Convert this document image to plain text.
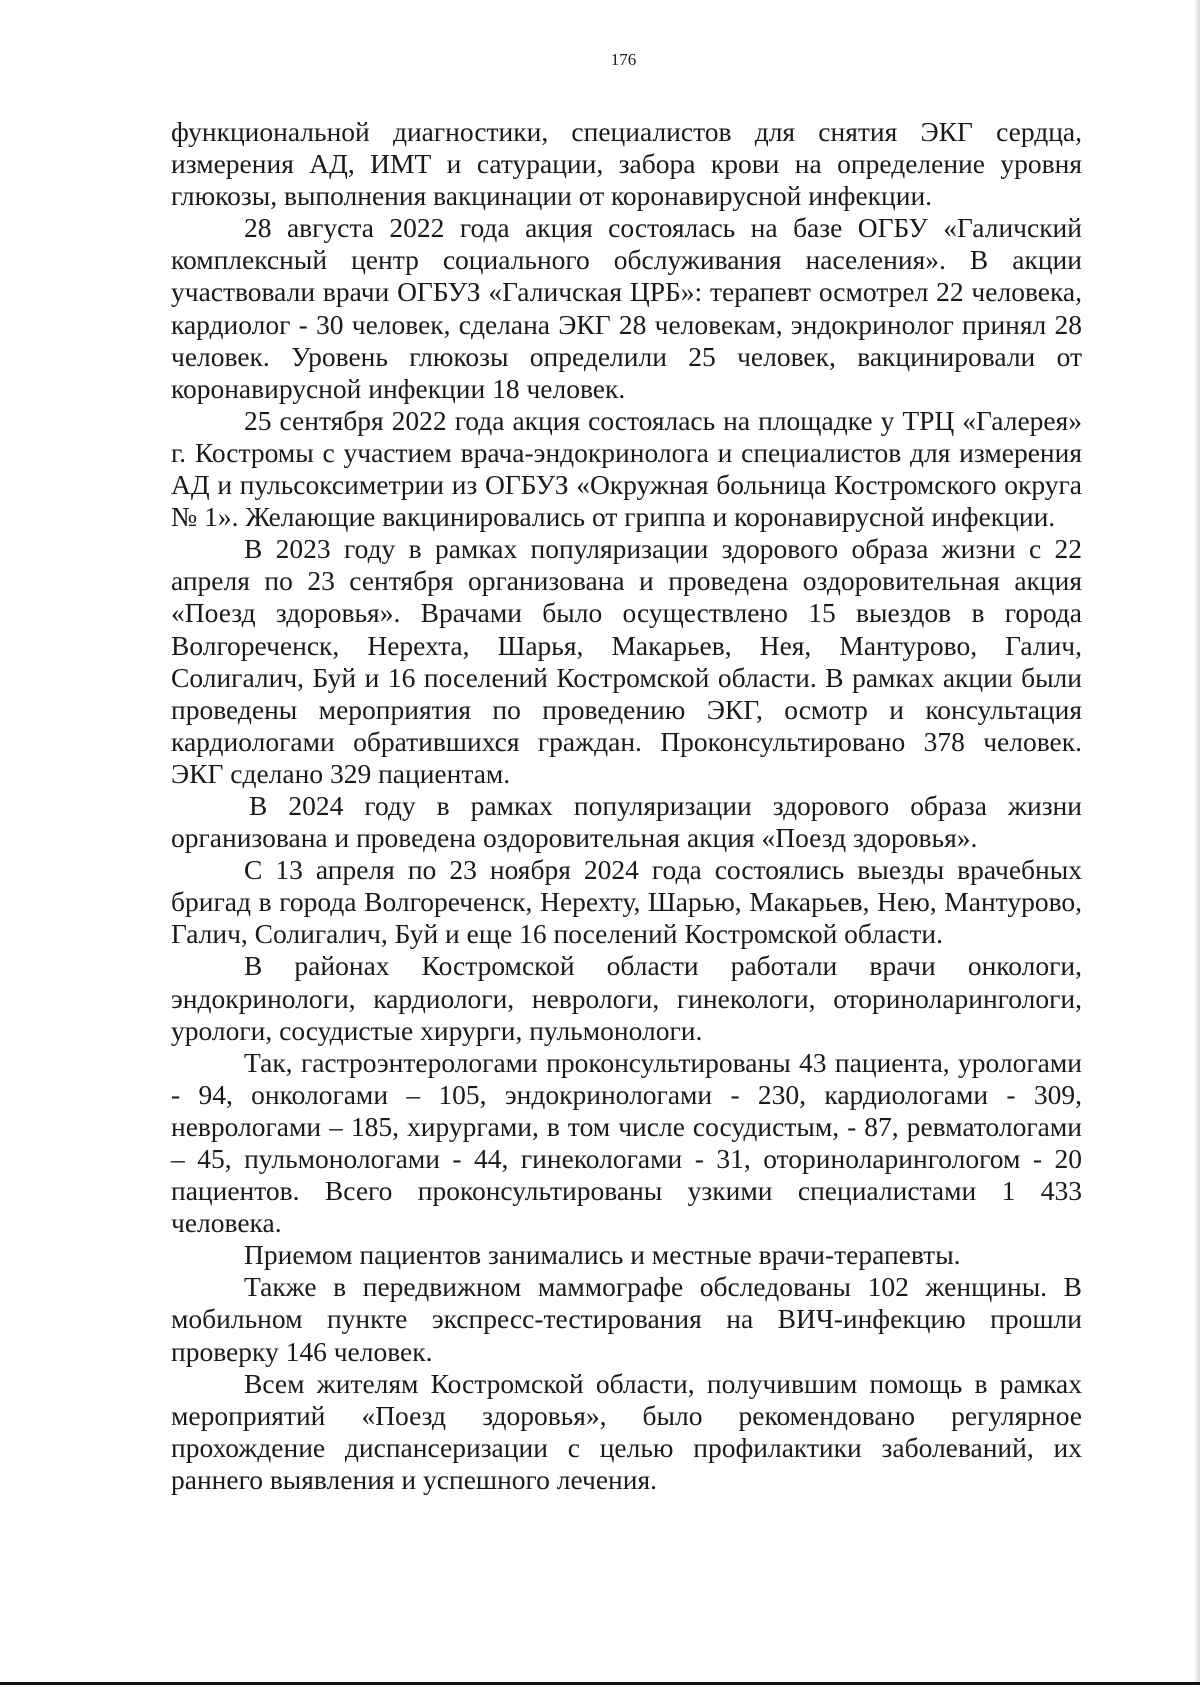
176

функциональной диагностики, специалистов для снятия ЭКГ сердца, измерения АД, ИМТ и сатурации, забора крови на определение уровня глюкозы, выполнения вакцинации от коронавирусной инфекции.

28 августа 2022 года акция состоялась на базе ОГБУ «Галичский комплексный центр социального обслуживания населения». В акции участвовали врачи ОГБУЗ «Галичская ЦРБ»: терапевт осмотрел 22 человека, кардиолог - 30 человек, сделана ЭКГ 28 человекам, эндокринолог принял 28 человек. Уровень глюкозы определили 25 человек, вакцинировали от коронавирусной инфекции 18 человек.

25 сентября 2022 года акция состоялась на площадке у ТРЦ «Галерея» г. Костромы с участием врача-эндокринолога и специалистов для измерения АД и пульсоксиметрии из ОГБУЗ «Окружная больница Костромского округа № 1». Желающие вакцинировались от гриппа и коронавирусной инфекции.

В 2023 году в рамках популяризации здорового образа жизни с 22 апреля по 23 сентября организована и проведена оздоровительная акция «Поезд здоровья». Врачами было осуществлено 15 выездов в города Волгореченск, Нерехта, Шарья, Макарьев, Нея, Мантурово, Галич, Солигалич, Буй и 16 поселений Костромской области. В рамках акции были проведены мероприятия по проведению ЭКГ, осмотр и консультация кардиологами обратившихся граждан. Проконсультировано 378 человек. ЭКГ сделано 329 пациентам.

В 2024 году в рамках популяризации здорового образа жизни организована и проведена оздоровительная акция «Поезд здоровья».

С 13 апреля по 23 ноября 2024 года состоялись выезды врачебных бригад в города Волгореченск, Нерехту, Шарью, Макарьев, Нею, Мантурово, Галич, Солигалич, Буй и еще 16 поселений Костромской области.

В районах Костромской области работали врачи онкологи, эндокринологи, кардиологи, неврологи, гинекологи, оториноларингологи, урологи, сосудистые хирурги, пульмонологи.

Так, гастроэнтерологами проконсультированы 43 пациента, урологами - 94, онкологами – 105, эндокринологами - 230, кардиологами - 309, неврологами – 185, хирургами, в том числе сосудистым, - 87, ревматологами – 45, пульмонологами - 44, гинекологами - 31, оториноларингологом - 20 пациентов. Всего проконсультированы узкими специалистами 1 433 человека.

Приемом пациентов занимались и местные врачи-терапевты.

Также в передвижном маммографе обследованы 102 женщины. В мобильном пункте экспресс-тестирования на ВИЧ-инфекцию прошли проверку 146 человек.

Всем жителям Костромской области, получившим помощь в рамках мероприятий «Поезд здоровья», было рекомендовано регулярное прохождение диспансеризации с целью профилактики заболеваний, их раннего выявления и успешного лечения.
